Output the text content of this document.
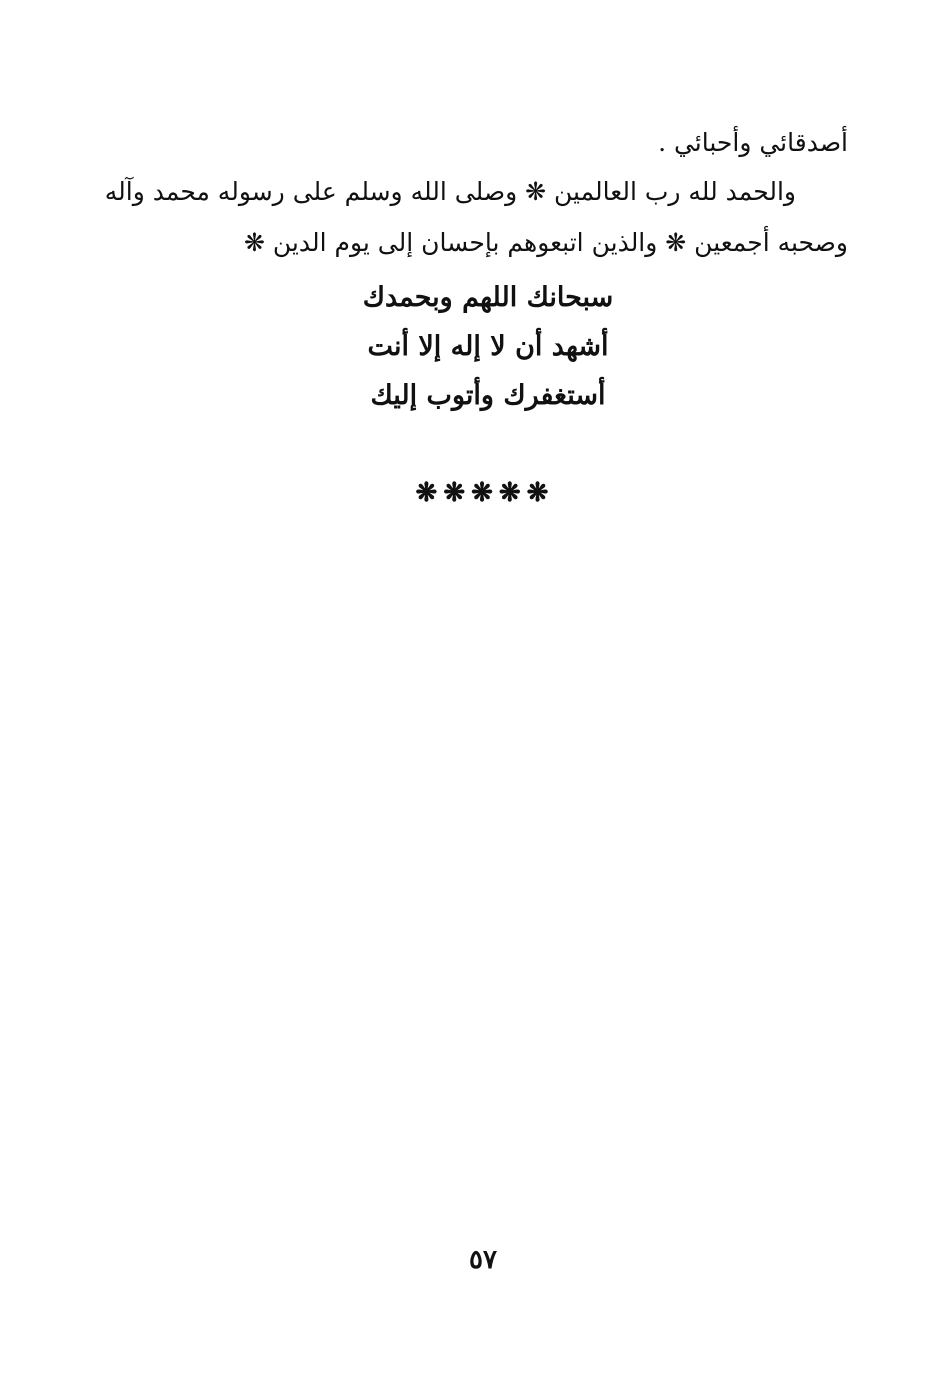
أصدقائي وأحبائي .
والحمد لله رب العالمين ❋ وصلى الله وسلم على رسوله محمد وآله
وصحبه أجمعين ❋ والذين اتبعوهم بإحسان إلى يوم الدين ❋
سبحانك اللهم وبحمدك
أشهد أن لا إله إلا أنت
أستغفرك وأتوب إليك
❋❋❋❋❋
٥٧
